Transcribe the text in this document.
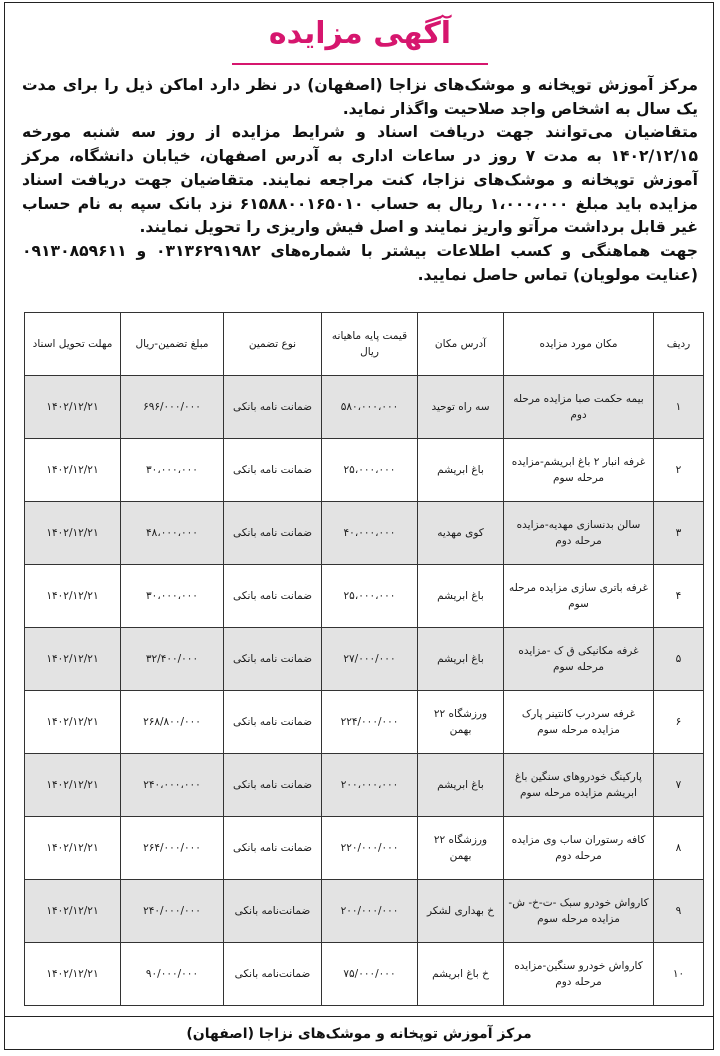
آگهی مزایده

مرکز آموزش توپخانه و موشک‌های نزاجا (اصفهان) در نظر دارد اماکن ذیل را برای مدت یک سال به اشخاص واجد صلاحیت واگذار نماید.

متقاضیان می‌توانند جهت دریافت اسناد و شرایط مزایده از روز سه شنبه مورخه ۱۴۰۲/۱۲/۱۵ به مدت ۷ روز در ساعات اداری به آدرس اصفهان، خیابان دانشگاه، مرکز آموزش توپخانه و موشک‌های نزاجا، کنت مراجعه نمایند. متقاضیان جهت دریافت اسناد مزایده باید مبلغ ۱،۰۰۰،۰۰۰ ریال به حساب ۶۱۵۸۸۰۰۱۶۵۰۱۰ نزد بانک سپه به نام حساب غیر قابل برداشت مرآتو واریز نمایند و اصل فیش واریزی را تحویل نمایند.

جهت هماهنگی و کسب اطلاعات بیشتر با شماره‌های ۰۳۱۳۶۲۹۱۹۸۲ و ۰۹۱۳۰۸۵۹۶۱۱ (عنایت مولویان) تماس حاصل نمایید.

ردیف	مکان مورد مزایده	آدرس مکان	قیمت پایه ماهیانه ریال	نوع تضمین	مبلغ تضمین-ریال	مهلت تحویل اسناد
۱	بیمه حکمت صبا مزایده مرحله دوم	سه راه توحید	۵۸۰،۰۰۰،۰۰۰	ضمانت نامه بانکی	۶۹۶/۰۰۰/۰۰۰	۱۴۰۲/۱۲/۲۱
۲	غرفه انبار ۲ باغ ابریشم-مزایده مرحله سوم	باغ ابریشم	۲۵،۰۰۰،۰۰۰	ضمانت نامه بانکی	۳۰،۰۰۰،۰۰۰	۱۴۰۲/۱۲/۲۱
۳	سالن بدنسازی مهدیه-مزایده مرحله دوم	کوی مهدیه	۴۰،۰۰۰،۰۰۰	ضمانت نامه بانکی	۴۸،۰۰۰،۰۰۰	۱۴۰۲/۱۲/۲۱
۴	غرفه باتری سازی مزایده مرحله سوم	باغ ابریشم	۲۵،۰۰۰،۰۰۰	ضمانت نامه بانکی	۳۰،۰۰۰،۰۰۰	۱۴۰۲/۱۲/۲۱
۵	غرفه مکانیکی ق ک -مزایده مرحله سوم	باغ ابریشم	۲۷/۰۰۰/۰۰۰	ضمانت نامه بانکی	۳۲/۴۰۰/۰۰۰	۱۴۰۲/۱۲/۲۱
۶	غرفه سردرب کانتینر پارک مزایده مرحله سوم	ورزشگاه ۲۲ بهمن	۲۲۴/۰۰۰/۰۰۰	ضمانت نامه بانکی	۲۶۸/۸۰۰/۰۰۰	۱۴۰۲/۱۲/۲۱
۷	پارکینگ خودروهای سنگین باغ ابریشم مزایده مرحله سوم	باغ ابریشم	۲۰۰،۰۰۰،۰۰۰	ضمانت نامه بانکی	۲۴۰،۰۰۰،۰۰۰	۱۴۰۲/۱۲/۲۱
۸	کافه رستوران ساب وی مزایده مرحله دوم	ورزشگاه ۲۲ بهمن	۲۲۰/۰۰۰/۰۰۰	ضمانت نامه بانکی	۲۶۴/۰۰۰/۰۰۰	۱۴۰۲/۱۲/۲۱
۹	کارواش خودرو سبک -ت-خ- ش-مزایده مرحله سوم	خ بهداری لشکر	۲۰۰/۰۰۰/۰۰۰	ضمانت‌نامه بانکی	۲۴۰/۰۰۰/۰۰۰	۱۴۰۲/۱۲/۲۱
۱۰	کارواش خودرو سنگین-مزایده مرحله دوم	خ باغ ابریشم	۷۵/۰۰۰/۰۰۰	ضمانت‌نامه بانکی	۹۰/۰۰۰/۰۰۰	۱۴۰۲/۱۲/۲۱
مرکز آموزش توپخانه و موشک‌های نزاجا (اصفهان)
